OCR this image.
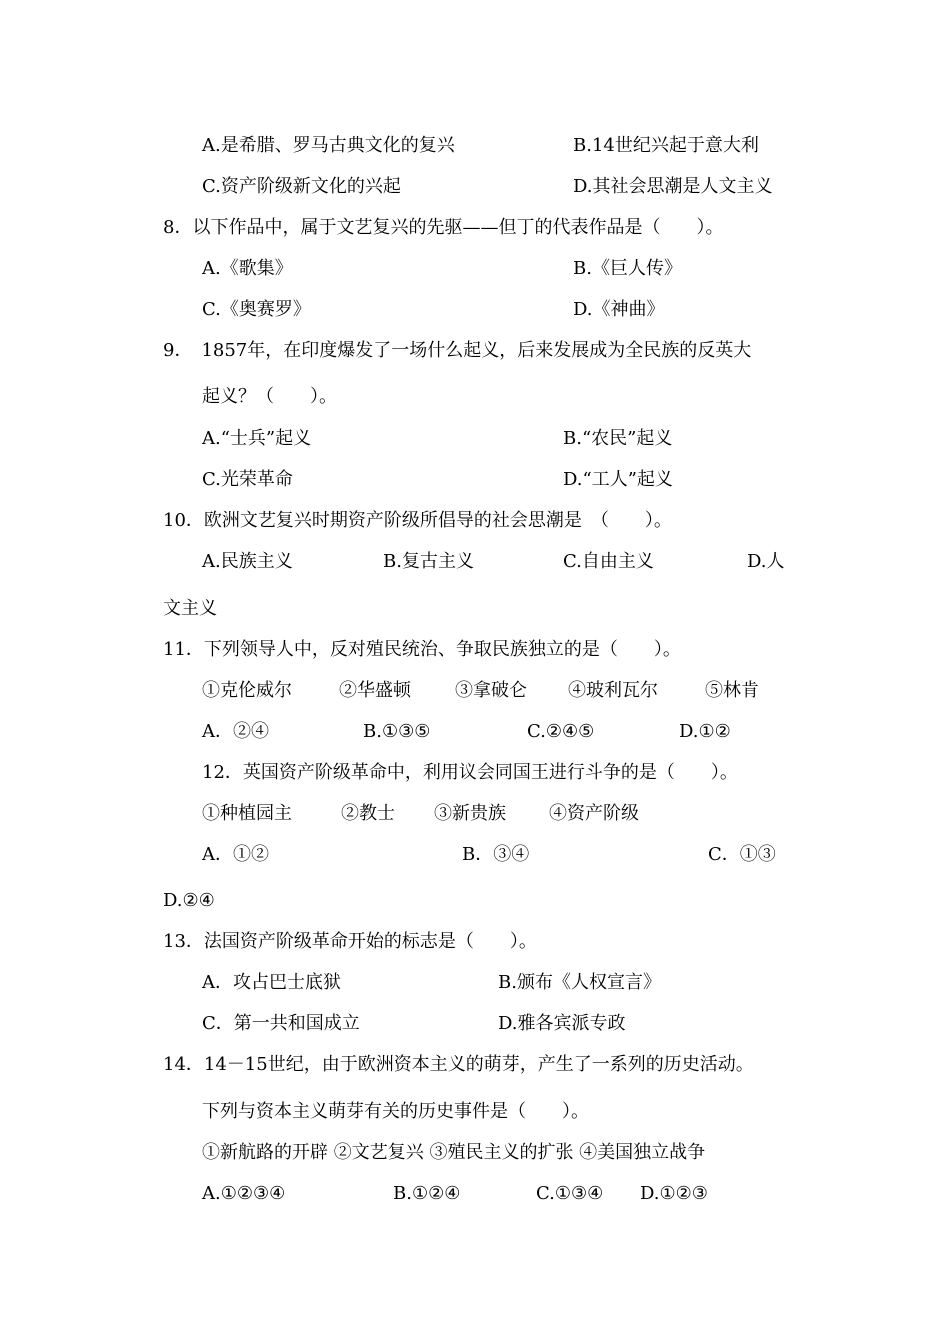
A.是希腊、罗马古典文化的复兴	B.14世纪兴起于意大利
C.资产阶级新文化的兴起	D.其社会思潮是人文主义
8．以下作品中，属于文艺复兴的先驱——但丁的代表作品是（　　）。
A.《歌集》	B.《巨人传》
C.《奥赛罗》	D.《神曲》
9．　1857年，在印度爆发了一场什么起义，后来发展成为全民族的反英大
起义？（　　）。
A.“士兵”起义	B.“农民”起义
C.光荣革命	D.“工人”起义
10．欧洲文艺复兴时期资产阶级所倡导的社会思潮是　（　　）。
A.民族主义	B.复古主义	C.自由主义	D.人
文主义
11．下列领导人中，反对殖民统治、争取民族独立的是（　　）。
①克伦威尔	②华盛顿 ③拿破仑 ④玻利瓦尔	⑤林肯
A．②④	B.①③⑤	C.②④⑤	D.①②
12．英国资产阶级革命中，利用议会同国王进行斗争的是（　　）。
①种植园主	②教士 ③新贵族 ④资产阶级
A．①②	B．③④	C．①③
D.②④
13．法国资产阶级革命开始的标志是（　　）。
A．攻占巴士底狱	B.颁布《人权宣言》
C．第一共和国成立	D.雅各宾派专政
14．14－15世纪，由于欧洲资本主义的萌芽，产生了一系列的历史活动。
下列与资本主义萌芽有关的历史事件是（　　）。
①新航路的开辟 ②文艺复兴 ③殖民主义的扩张 ④美国独立战争
A.①②③④	B.①②④	C.①③④ D.①②③
